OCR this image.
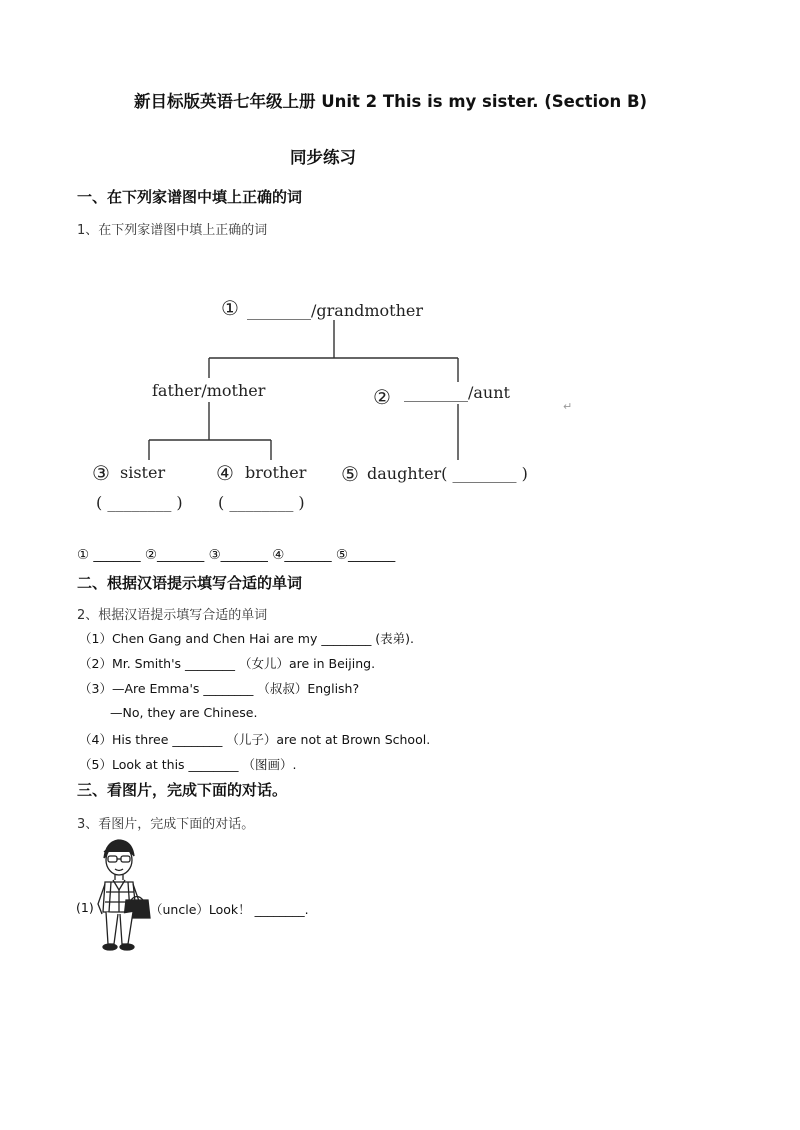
新目标版英语七年级上册 Unit 2 This is my sister. (Section B)
同步练习
一、在下列家谱图中填上正确的词
1、在下列家谱图中填上正确的词
① ________/grandmother
father/mother	② ________/aunt
↵
③ sister
( ________ )
④ brother
( ________ )
⑤ daughter( ________ )
① _______ ②_______ ③_______ ④_______ ⑤_______
二、根据汉语提示填写合适的单词
2、根据汉语提示填写合适的单词
（1）Chen Gang and Chen Hai are my ________ (表弟).
（2）Mr. Smith's ________ （女儿）are in Beijing.
（3）—Are Emma's ________ （叔叔）English?
—No, they are Chinese.
（4）His three ________ （儿子）are not at Brown School.
（5）Look at this ________ （图画）.
三、看图片，完成下面的对话。
3、看图片，完成下面的对话。
(1)	（uncle）Look！ ________.
